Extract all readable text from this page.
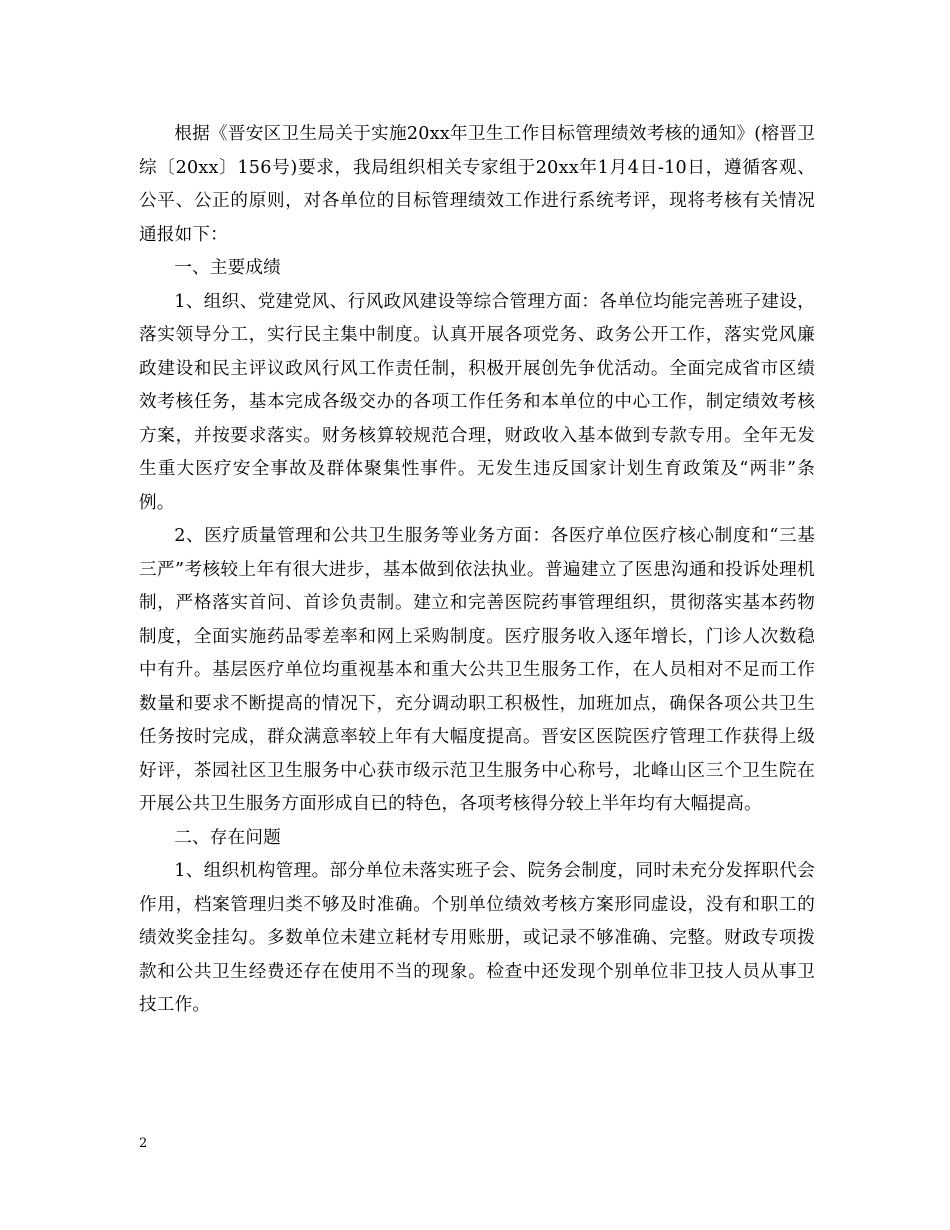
根据《晋安区卫生局关于实施20xx年卫生工作目标管理绩效考核的通知》(榕晋卫综〔20xx〕156号)要求，我局组织相关专家组于20xx年1月4日-10日，遵循客观、公平、公正的原则，对各单位的目标管理绩效工作进行系统考评，现将考核有关情况通报如下：

一、主要成绩

1、组织、党建党风、行风政风建设等综合管理方面：各单位均能完善班子建设，落实领导分工，实行民主集中制度。认真开展各项党务、政务公开工作，落实党风廉政建设和民主评议政风行风工作责任制，积极开展创先争优活动。全面完成省市区绩效考核任务，基本完成各级交办的各项工作任务和本单位的中心工作，制定绩效考核方案，并按要求落实。财务核算较规范合理，财政收入基本做到专款专用。全年无发生重大医疗安全事故及群体聚集性事件。无发生违反国家计划生育政策及“两非”条例。

2、医疗质量管理和公共卫生服务等业务方面：各医疗单位医疗核心制度和“三基三严”考核较上年有很大进步，基本做到依法执业。普遍建立了医患沟通和投诉处理机制，严格落实首问、首诊负责制。建立和完善医院药事管理组织，贯彻落实基本药物制度，全面实施药品零差率和网上采购制度。医疗服务收入逐年增长，门诊人次数稳中有升。基层医疗单位均重视基本和重大公共卫生服务工作，在人员相对不足而工作数量和要求不断提高的情况下，充分调动职工积极性，加班加点，确保各项公共卫生任务按时完成，群众满意率较上年有大幅度提高。晋安区医院医疗管理工作获得上级好评，茶园社区卫生服务中心获市级示范卫生服务中心称号，北峰山区三个卫生院在开展公共卫生服务方面形成自已的特色，各项考核得分较上半年均有大幅提高。

二、存在问题

1、组织机构管理。部分单位未落实班子会、院务会制度，同时未充分发挥职代会作用，档案管理归类不够及时准确。个别单位绩效考核方案形同虚设，没有和职工的绩效奖金挂勾。多数单位未建立耗材专用账册，或记录不够准确、完整。财政专项拨款和公共卫生经费还存在使用不当的现象。检查中还发现个别单位非卫技人员从事卫技工作。

2
